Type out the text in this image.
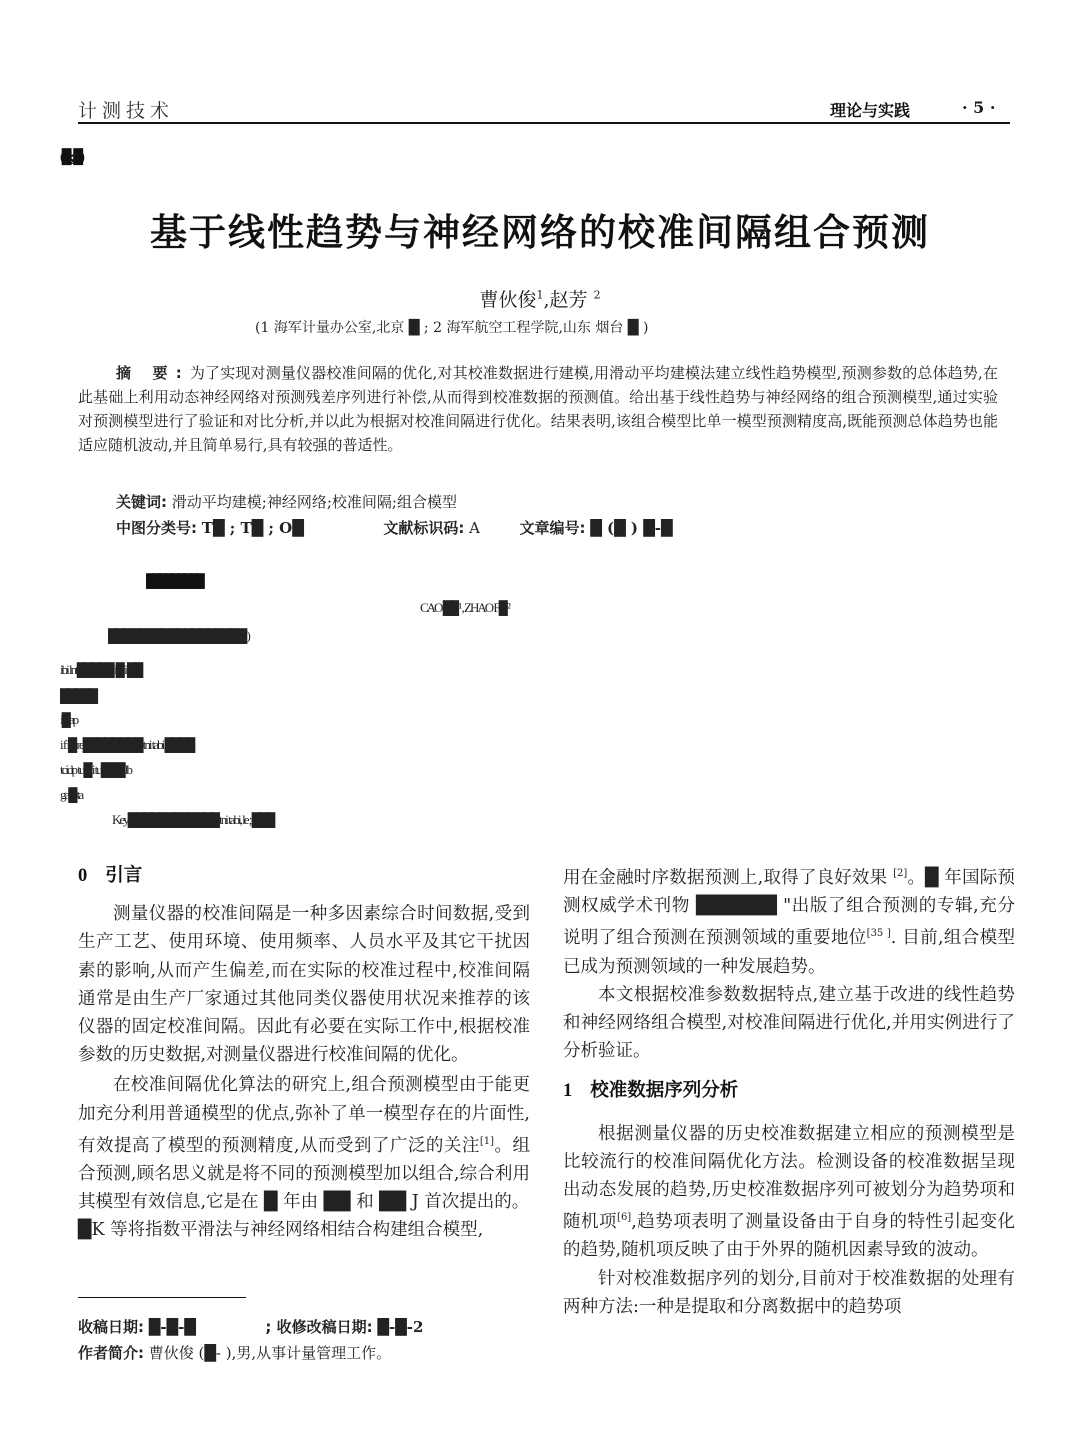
计测技术	理论与实践	· 5 ·
(█i.;j█)
基于线性趋势与神经网络的校准间隔组合预测
曹伙俊$^1$,赵芳 $^2$
(1 海军计量办公室,北京 █ ; 2 海军航空工程学院,山东 烟台 █ )
摘 要:为了实现对测量仪器校准间隔的优化,对其校准数据进行建模,用滑动平均建模法建立线性趋势模型,预测参数的总体趋势,在此基础上利用动态神经网络对预测残差序列进行补偿,从而得到校准数据的预测值。给出基于线性趋势与神经网络的组合预测模型,通过实验对预测模型进行了验证和对比分析,并以此为根据对校准间隔进行优化。结果表明,该组合模型比单一模型预测精度高,既能预测总体趋势也能适应随机波动,并且简单易行,具有较强的普适性。
关键词: 滑动平均建模;神经网络;校准间隔;组合模型
中图分类号: T█ ; T█ ; O█	文献标识码: A	文章编号: █ (█ ) █-█
█████████
CAO ██ ¹ , ZHAO F█ ²
███ ██ ███ ████ ███ ██ █ )
ibi lnt█████ i█ i ██
█████
i█ap
i f i█ re█████ ███ tni tabi ████
tcidp tu█ i tu█ ██ lb
ga█ ta
Key█ ████ ████ ███ tni tabi, le ; ███
0 引言

测量仪器的校准间隔是一种多因素综合时间数据,受到生产工艺、使用环境、使用频率、人员水平及其它干扰因素的影响,从而产生偏差,而在实际的校准过程中,校准间隔通常是由生产厂家通过其他同类仪器使用状况来推荐的该仪器的固定校准间隔。因此有必要在实际工作中,根据校准参数的历史数据,对测量仪器进行校准间隔的优化。

在校准间隔优化算法的研究上,组合预测模型由于能更加充分利用普通模型的优点,弥补了单一模型存在的片面性,有效提高了模型的预测精度,从而受到了广泛的关注[1]。组合预测,顾名思义就是将不同的预测模型加以组合,综合利用其模型有效信息,它是在 █ 年由 ██ 和 ██ J 首次提出的。

█K 等将指数平滑法与神经网络相结合构建组合模型,

收稿日期: █-█-█	; 收修改稿日期: █-█-2
作者简介: 曹伙俊 (█- ),男,从事计量管理工作。

用在金融时序数据预测上,取得了良好效果 [2]。█ 年国际预测权威学术刊物 ██████ "出版了组合预测的专辑,充分说明了组合预测在预测领域的重要地位[35 ]. 目前,组合模型已成为预测领域的一种发展趋势。

本文根据校准参数数据特点,建立基于改进的线性趋势和神经网络组合模型,对校准间隔进行优化,并用实例进行了分析验证。

1 校准数据序列分析

根据测量仪器的历史校准数据建立相应的预测模型是比较流行的校准间隔优化方法。检测设备的校准数据呈现出动态发展的趋势,历史校准数据序列可被划分为趋势项和随机项[6],趋势项表明了测量设备由于自身的特性引起变化的趋势,随机项反映了由于外界的随机因素导致的波动。

针对校准数据序列的划分,目前对于校准数据的处理有两种方法:一种是提取和分离数据中的趋势项
